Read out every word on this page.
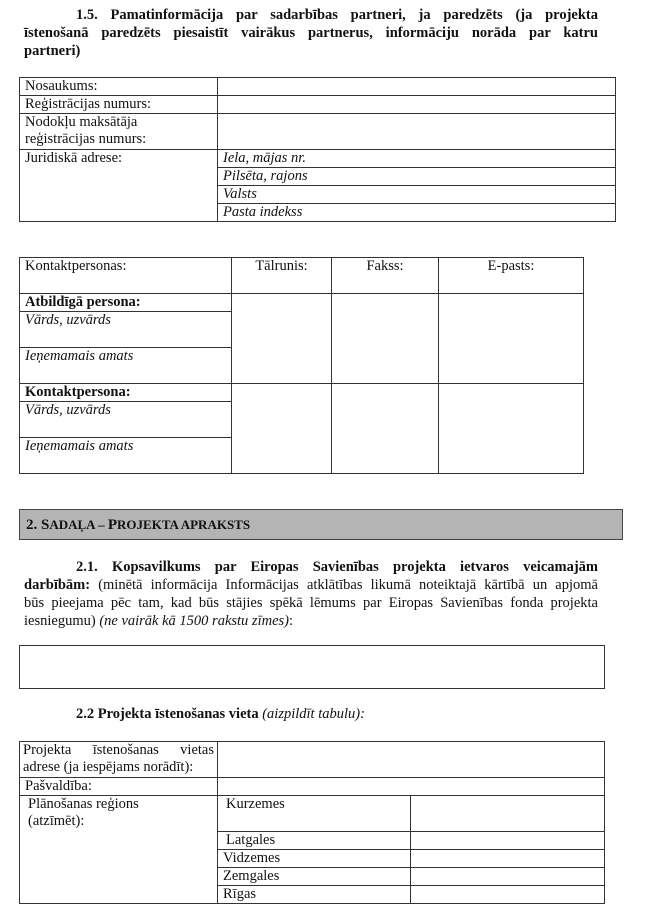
1.5. Pamatinformācija par sadarbības partneri, ja paredzēts (ja projekta
īstenošanā paredzēts piesaistīt vairākus partnerus, informāciju norāda par katru
partneri)
Nosaukums:	
Reģistrācijas numurs:	
Nodokļu maksātāja
reģistrācijas numurs:	
Juridiskā adrese:	Iela, mājas nr.
	Pilsēta, rajons
	Valsts
	Pasta indekss
Kontaktpersonas:	Tālrunis:	Fakss:	E-pasts:
Atbildīgā persona:			
Vārds, uzvārds			
Ieņemamais amats			
Kontaktpersona:			
Vārds, uzvārds			
Ieņemamais amats			
2. SADAĻA – PROJEKTA APRAKSTS
2.1. Kopsavilkums par Eiropas Savienības projekta ietvaros veicamajām
darbībām: (minētā informācija Informācijas atklātības likumā noteiktajā kārtībā un apjomā
būs pieejama pēc tam, kad būs stājies spēkā lēmums par Eiropas Savienības fonda projekta
iesniegumu) (ne vairāk kā 1500 rakstu zīmes):
2.2 Projekta īstenošanas vieta (aizpildīt tabulu):
Projekta īstenošanas vietas
adrese (ja iespējams norādīt):		

Pašvaldība:		
Plānošanas reģions
(atzīmēt):	Kurzemes	
	Latgales	
	Vidzemes	
	Zemgales	
	Rīgas	
